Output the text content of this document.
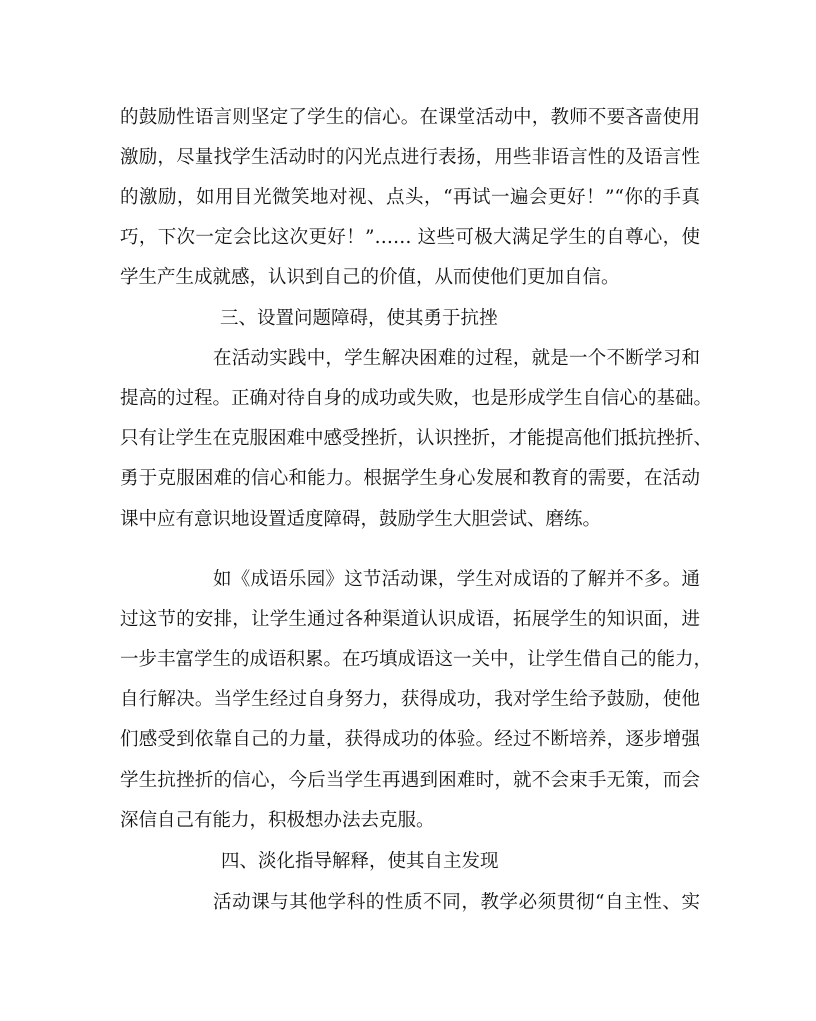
的鼓励性语言则坚定了学生的信心。在课堂活动中，教师不要吝啬使用
激励，尽量找学生活动时的闪光点进行表扬，用些非语言性的及语言性
的激励，如用目光微笑地对视、点头，“再试一遍会更好！”“你的手真
巧，下次一定会比这次更好！”…… 这些可极大满足学生的自尊心，使
学生产生成就感，认识到自己的价值，从而使他们更加自信。
三、设置问题障碍，使其勇于抗挫
在活动实践中，学生解决困难的过程，就是一个不断学习和
提高的过程。正确对待自身的成功或失败，也是形成学生自信心的基础。
只有让学生在克服困难中感受挫折，认识挫折，才能提高他们抵抗挫折、
勇于克服困难的信心和能力。根据学生身心发展和教育的需要，在活动
课中应有意识地设置适度障碍，鼓励学生大胆尝试、磨练。
如《成语乐园》这节活动课，学生对成语的了解并不多。通
过这节的安排，让学生通过各种渠道认识成语，拓展学生的知识面，进
一步丰富学生的成语积累。在巧填成语这一关中，让学生借自己的能力，
自行解决。当学生经过自身努力，获得成功，我对学生给予鼓励，使他
们感受到依靠自己的力量，获得成功的体验。经过不断培养，逐步增强
学生抗挫折的信心，今后当学生再遇到困难时，就不会束手无策，而会
深信自己有能力，积极想办法去克服。
四、淡化指导解释，使其自主发现
活动课与其他学科的性质不同，教学必须贯彻“自主性、实
